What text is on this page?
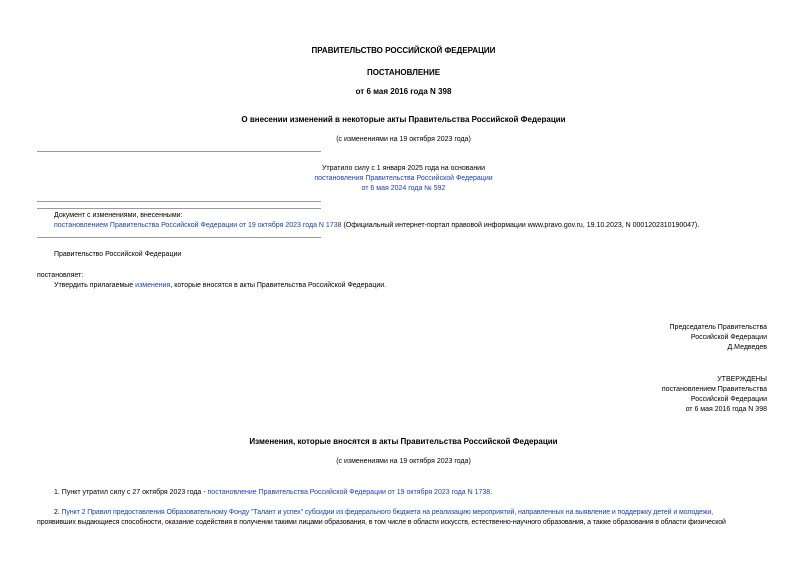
ПРАВИТЕЛЬСТВО РОССИЙСКОЙ ФЕДЕРАЦИИ
ПОСТАНОВЛЕНИЕ
от 6 мая 2016 года N 398
О внесении изменений в некоторые акты Правительства Российской Федерации
(с изменениями на 19 октября 2023 года)
Утратило силу с 1 января 2025 года на основании
постановления Правительства Российской Федерации
от 6 мая 2024 года № 592
Документ с изменениями, внесенными:
постановлением Правительства Российской Федерации от 19 октября 2023 года N 1738 (Официальный интернет-портал правовой информации www.pravo.gov.ru, 19.10.2023, N 0001202310190047).
Правительство Российской Федерации
постановляет:
Утвердить прилагаемые изменения, которые вносятся в акты Правительства Российской Федерации.
Председатель Правительства
Российской Федерации
Д.Медведев
УТВЕРЖДЕНЫ
постановлением Правительства
Российской Федерации
от 6 мая 2016 года N 398
Изменения, которые вносятся в акты Правительства Российской Федерации
(с изменениями на 19 октября 2023 года)
1. Пункт утратил силу с 27 октября 2023 года - постановление Правительства Российской Федерации от 19 октября 2023 года N 1738.
2. Пункт 2 Правил предоставления Образовательному Фонду "Талант и успех" субсидии из федерального бюджета на реализацию мероприятий, направленных на выявление и поддержку детей и молодежи,
проявивших выдающиеся способности, оказание содействия в получении такими лицами образования, в том числе в области искусств, естественно-научного образования, а также образования в области физической
